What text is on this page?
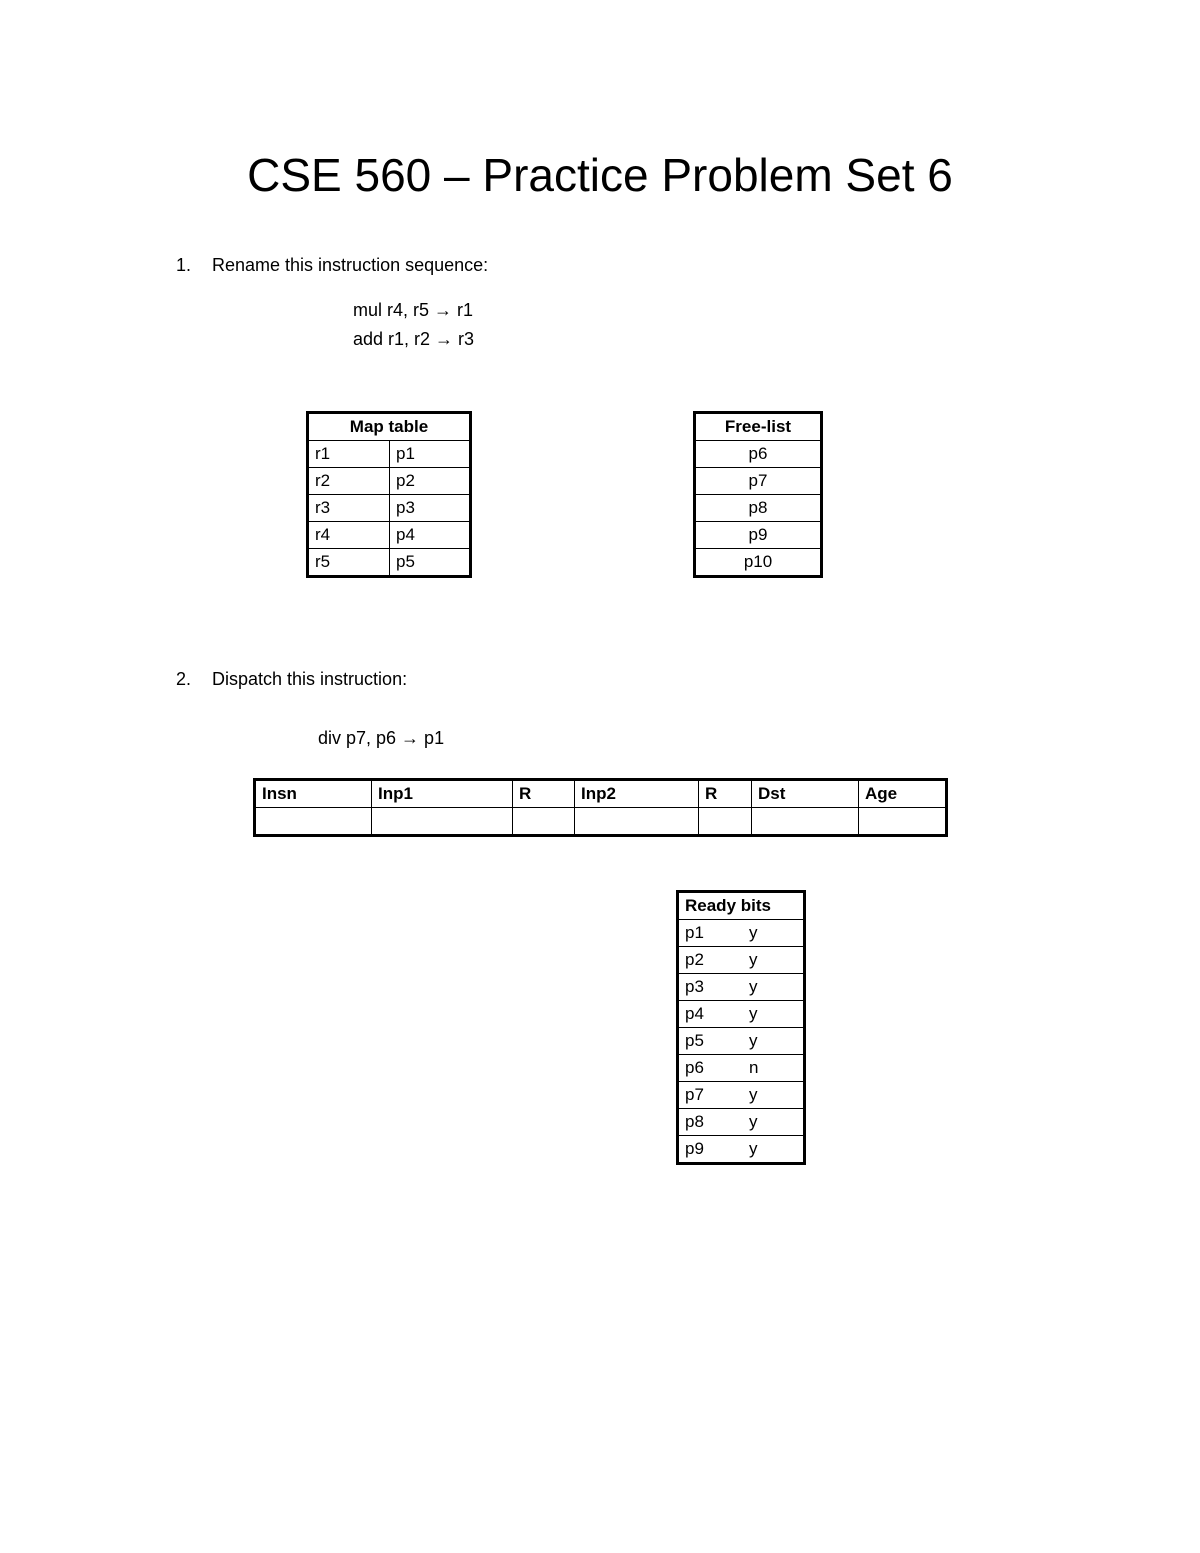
CSE 560 – Practice Problem Set 6
1. Rename this instruction sequence:
mul r4, r5 → r1
add r1, r2 → r3
Map table	
r1	p1
r2	p2
r3	p3
r4	p4
r5	p5
Free-list
p6
p7
p8
p9
p10
2. Dispatch this instruction:
div p7, p6 → p1
Insn	Inp1	R	Inp2	R	Dst	Age

Ready bits	
p1	y
p2	y
p3	y
p4	y
p5	y
p6	n
p7	y
p8	y
p9	y
